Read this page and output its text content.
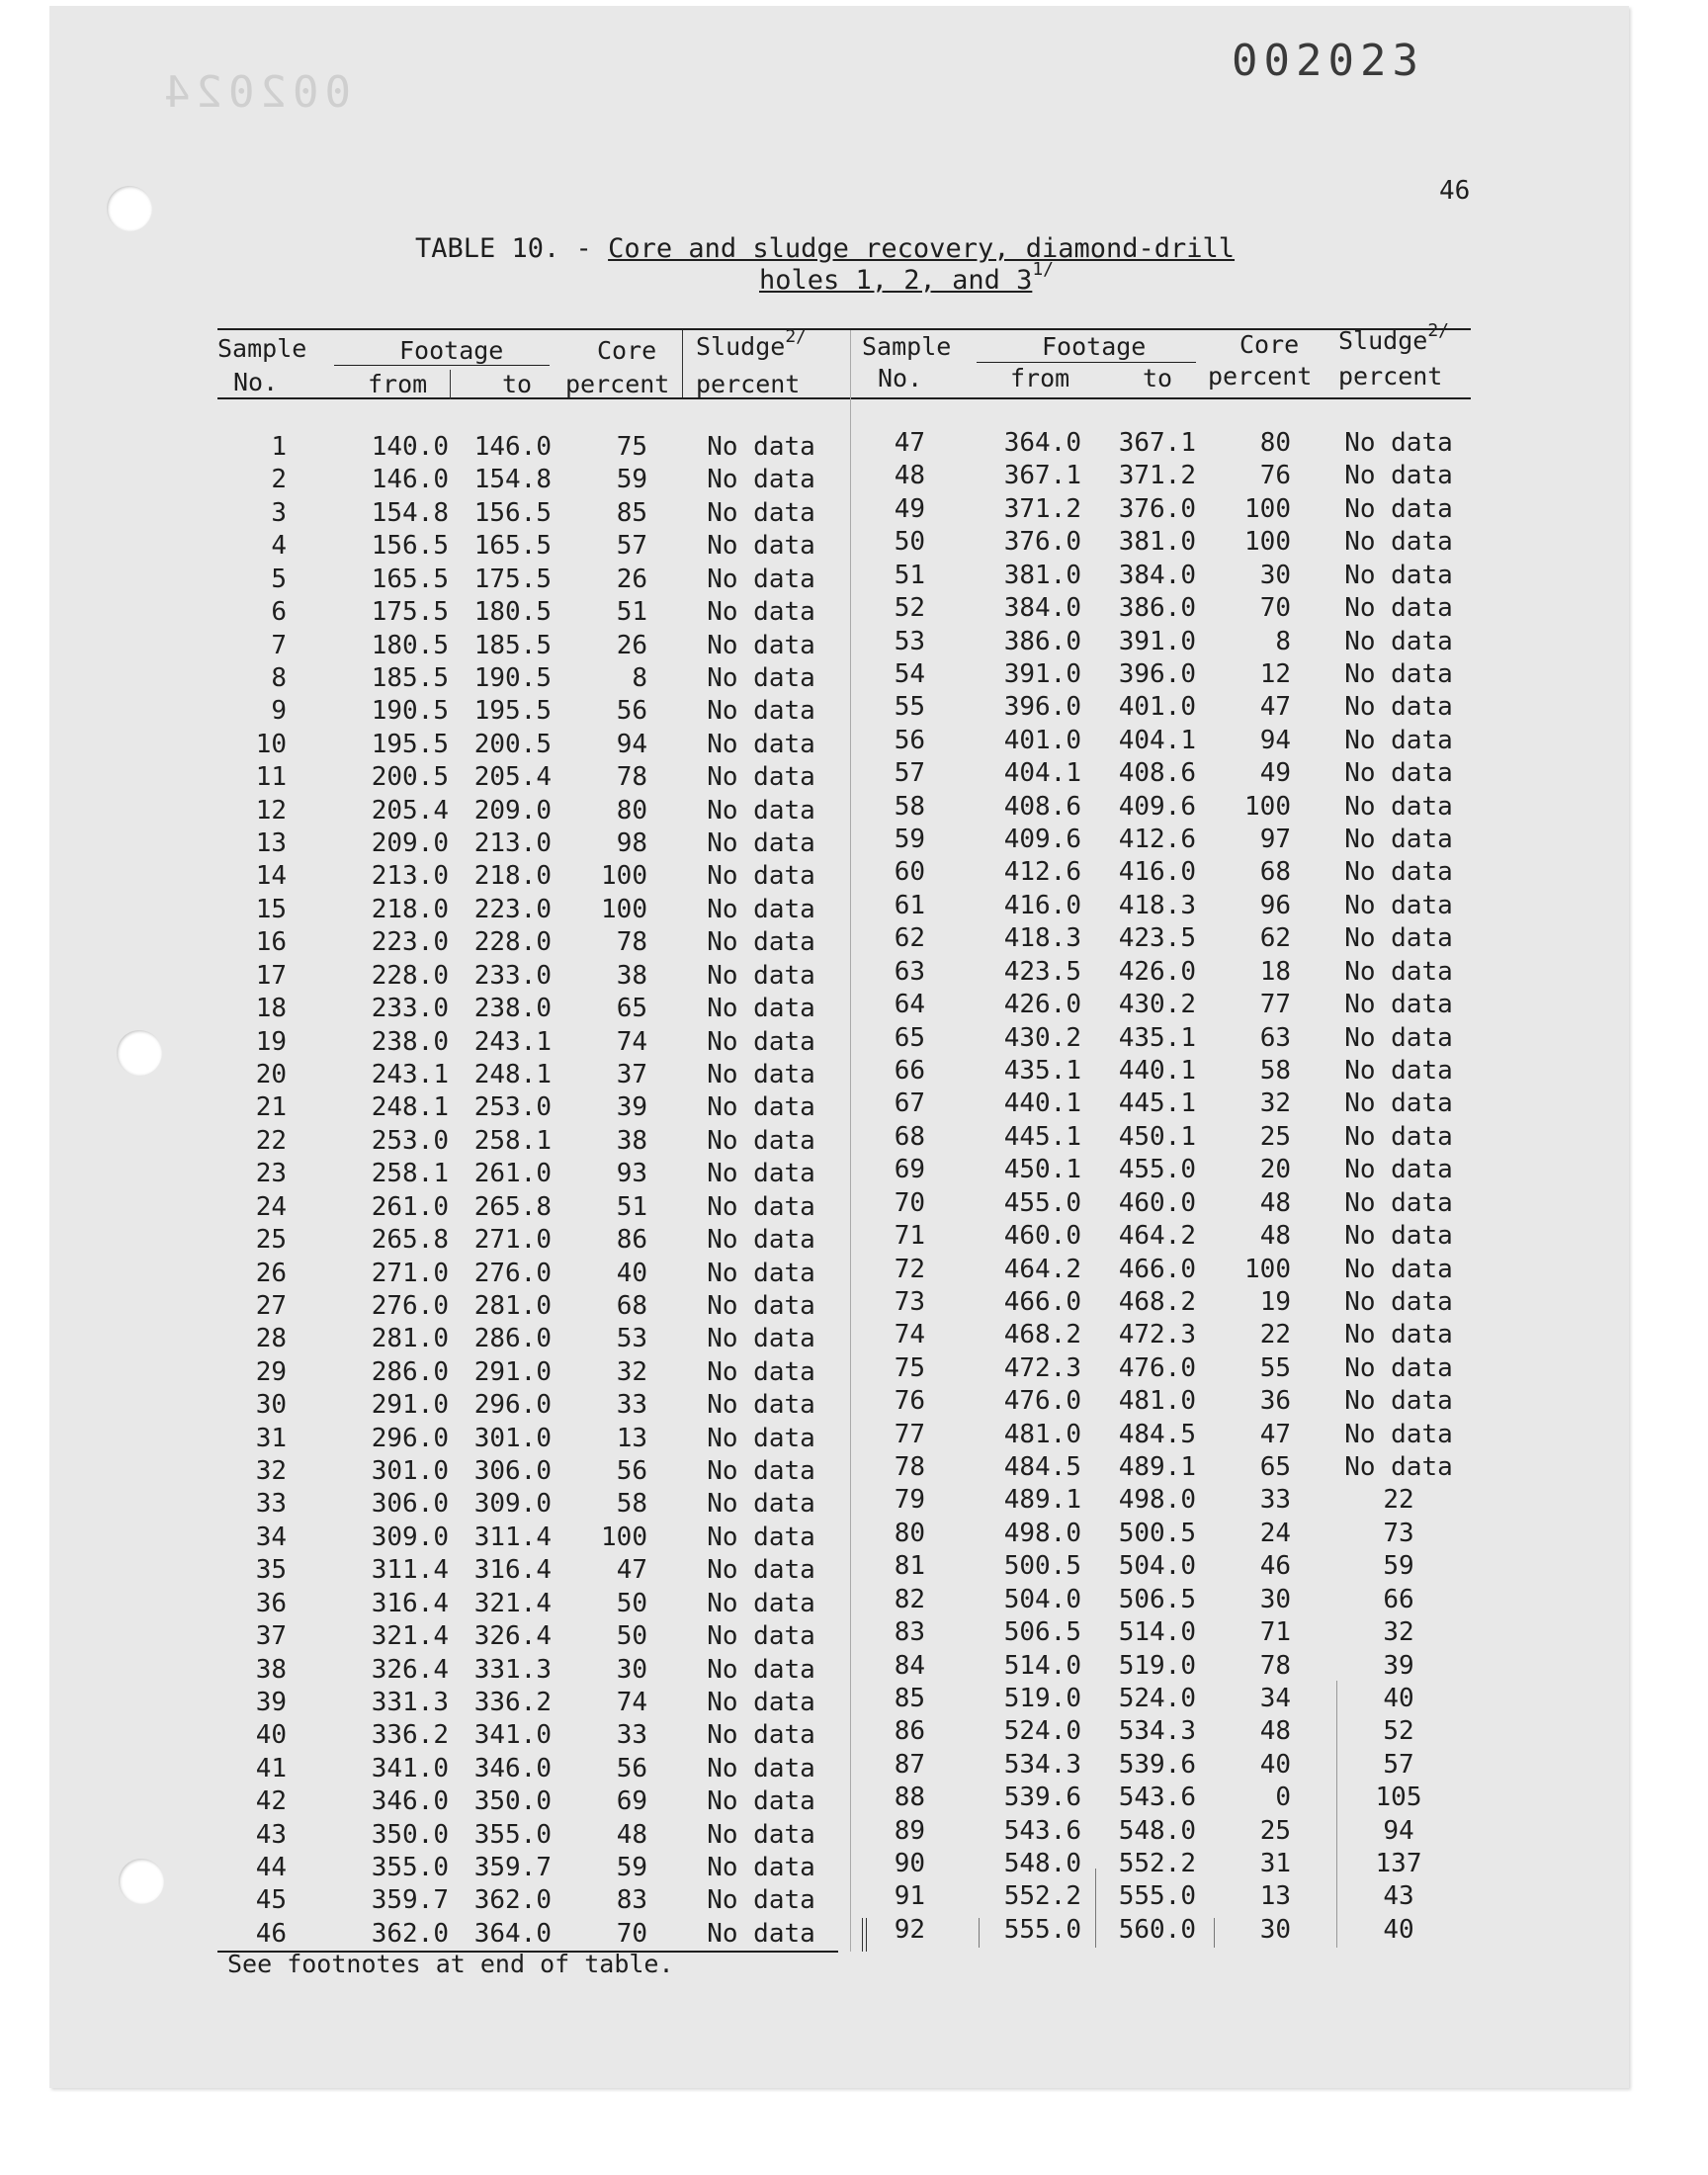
002024
002023
46
TABLE 10. - Core and sludge recovery, diamond-drill
holes 1, 2, and $3^{1/}$
Sample
No.
Footage
from	to
Core
percent
Sludge$^{2/}$
percent
Sample
No.
Footage
from	to
Core
percent
Sludge$^{2/}$
percent
1	140.0 146.0	75	No data
2	146.0 154.8	59	No data
3	154.8 156.5	85	No data
4	156.5 165.5	57	No data
5	165.5 175.5	26	No data
6	175.5 180.5	51	No data
7	180.5 185.5	26	No data
8	185.5 190.5	8	No data
9	190.5 195.5	56	No data
10	195.5 200.5	94	No data
11	200.5 205.4	78	No data
12	205.4 209.0	80	No data
13	209.0 213.0	98	No data
14	213.0 218.0	100	No data
15	218.0 223.0	100	No data
16	223.0 228.0	78	No data
17	228.0 233.0	38	No data
18	233.0 238.0	65	No data
19	238.0 243.1	74	No data
20	243.1 248.1	37	No data
21	248.1 253.0	39	No data
22	253.0 258.1	38	No data
23	258.1 261.0	93	No data
24	261.0 265.8	51	No data
25	265.8 271.0	86	No data
26	271.0 276.0	40	No data
27	276.0 281.0	68	No data
28	281.0 286.0	53	No data
29	286.0 291.0	32	No data
30	291.0 296.0	33	No data
31	296.0 301.0	13	No data
32	301.0 306.0	56	No data
33	306.0 309.0	58	No data
34	309.0 311.4	100	No data
35	311.4 316.4	47	No data
36	316.4 321.4	50	No data
37	321.4 326.4	50	No data
38	326.4 331.3	30	No data
39	331.3 336.2	74	No data
40	336.2 341.0	33	No data
41	341.0 346.0	56	No data
42	346.0 350.0	69	No data
43	350.0 355.0	48	No data
44	355.0 359.7	59	No data
45	359.7 362.0	83	No data
46	362.0 364.0	70	No data
47	364.0	367.1	80	No data
48	367.1	371.2	76	No data
49	371.2	376.0	100	No data
50	376.0	381.0	100	No data
51	381.0	384.0	30	No data
52	384.0	386.0	70	No data
53	386.0	391.0	8	No data
54	391.0	396.0	12	No data
55	396.0	401.0	47	No data
56	401.0	404.1	94	No data
57	404.1	408.6	49	No data
58	408.6	409.6	100	No data
59	409.6	412.6	97	No data
60	412.6	416.0	68	No data
61	416.0	418.3	96	No data
62	418.3	423.5	62	No data
63	423.5	426.0	18	No data
64	426.0	430.2	77	No data
65	430.2	435.1	63	No data
66	435.1	440.1	58	No data
67	440.1	445.1	32	No data
68	445.1	450.1	25	No data
69	450.1	455.0	20	No data
70	455.0	460.0	48	No data
71	460.0	464.2	48	No data
72	464.2	466.0	100	No data
73	466.0	468.2	19	No data
74	468.2	472.3	22	No data
75	472.3	476.0	55	No data
76	476.0	481.0	36	No data
77	481.0	484.5	47	No data
78	484.5	489.1	65	No data
79	489.1	498.0	33	22
80	498.0	500.5	24	73
81	500.5	504.0	46	59
82	504.0	506.5	30	66
83	506.5	514.0	71	32
84	514.0	519.0	78	39
85	519.0	524.0	34	40
86	524.0	534.3	48	52
87	534.3	539.6	40	57
88	539.6	543.6	0	105
89	543.6	548.0	25	94
90	548.0	552.2	31	137
91	552.2	555.0	13	43
92	555.0	560.0	30	40
See footnotes at end of table.
